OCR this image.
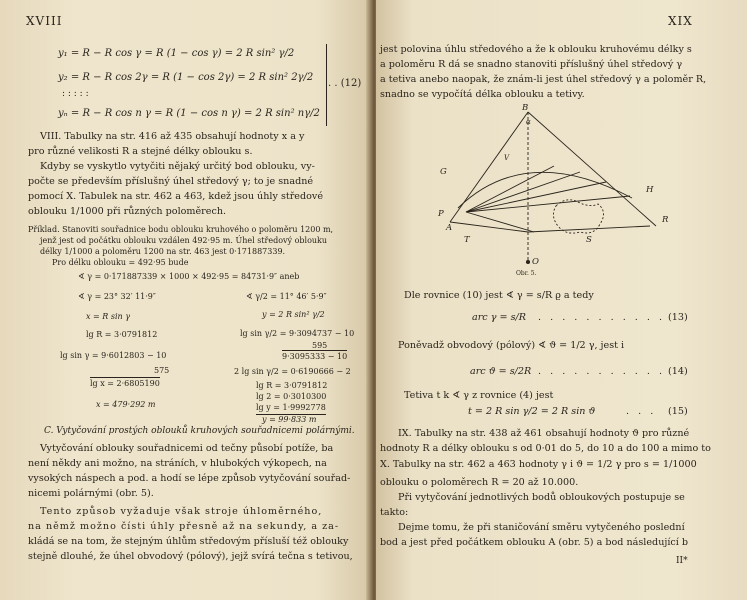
XVIII
y₁ = R − R cos γ = R (1 − cos γ) = 2 R sin² γ/2
y₂ = R − R cos 2γ = R (1 − cos 2γ) = 2 R sin² 2γ/2
: : : : :
yₙ = R − R cos n γ = R (1 − cos n γ) = 2 R sin² nγ/2
. . (12)
VIII. Tabulky na str. 416 až 435 obsahují hodnoty x a y
pro různé velikosti R a stejné délky oblouku s.
Kdyby se vyskytlo vytyčiti nějaký určitý bod oblouku, vy-
počte se především příslušný úhel středový γ; to je snadné
pomocí X. Tabulek na str. 462 a 463, kdež jsou úhly středové
oblouku 1/1000 při různých poloměrech.
Příklad. Stanoviti souřadnice bodu oblouku kruhového o poloměru 1200 m,
jenž jest od počátku oblouku vzdálen 492·95 m. Úhel středový oblouku
délky 1/1000 a poloměru 1200 na str. 463 jest 0·171887339.
Pro délku oblouku = 492·95 bude
∢ γ = 0·171887339 × 1000 × 492·95 = 84731·9″ aneb
∢ γ = 23° 32′ 11·9″
x = R sin γ
lg R = 3·0791812
lg sin γ = 9·6012803 − 10
575
lg x = 2·6805190
x = 479·292 m
∢ γ/2 = 11° 46′ 5·9″
y = 2 R sin² γ/2
lg sin γ/2 = 9·3094737 − 10
595
9·3095333 − 10
2 lg sin γ/2 = 0·6190666 − 2
lg R = 3·0791812
lg 2 = 0·3010300
lg y = 1·9992778
y = 99·833 m
C. Vytyčování prostých oblouků kruhových souřadnicemi polárnými.
Vytyčování oblouky souřadnicemi od tečny působí potíže, ba
není někdy ani možno, na stráních, v hlubokých výkopech, na
vysokých náspech a pod. a hodí se lépe způsob vytyčování souřad-
nicemi polárnými (obr. 5).
Tento způsob vyžaduje však stroje úhloměrného,
na němž možno čísti úhly přesně až na sekundy, a za-
kládá se na tom, že stejným úhlům středovým přísluší též oblouky
stejně dlouhé, že úhel obvodový (pólový), jejž svírá tečna s tetivou,
XIX
jest polovina úhlu středového a že k oblouku kruhovému délky s
a poloměru R dá se snadno stanoviti příslušný úhel středový γ
a tetiva anebo naopak, že znám-li jest úhel středový γ a poloměr R,
snadno se vypočítá délka oblouku a tetivy.
B
α
G
V
H
A
P
R
T	S
O
Obr. 5.
Dle rovnice (10) jest ∢ γ = s/R ϱ a tedy
arc γ = s/R . . . . . . . . . . . (13)
Poněvadž obvodový (pólový) ∢ ϑ = 1/2 γ, jest i
arc ϑ = s/2R . . . . . . . . . . . (14)
Tetiva t k ∢ γ z rovnice (4) jest
t = 2 R sin γ/2 = 2 R sin ϑ	. . . (15)
IX. Tabulky na str. 438 až 461 obsahují hodnoty ϑ pro různé
hodnoty R a délky oblouku s od 0·01 do 5, do 10 a do 100 a mimo to
X. Tabulky na str. 462 a 463 hodnoty γ i ϑ = 1/2 γ pro s = 1/1000
oblouku o poloměrech R = 20 až 10.000.
Při vytyčování jednotlivých bodů obloukových postupuje se
takto:
Dejme tomu, že při staničování směru vytyčeného poslední
bod a jest před počátkem oblouku A (obr. 5) a bod následující b
II*
